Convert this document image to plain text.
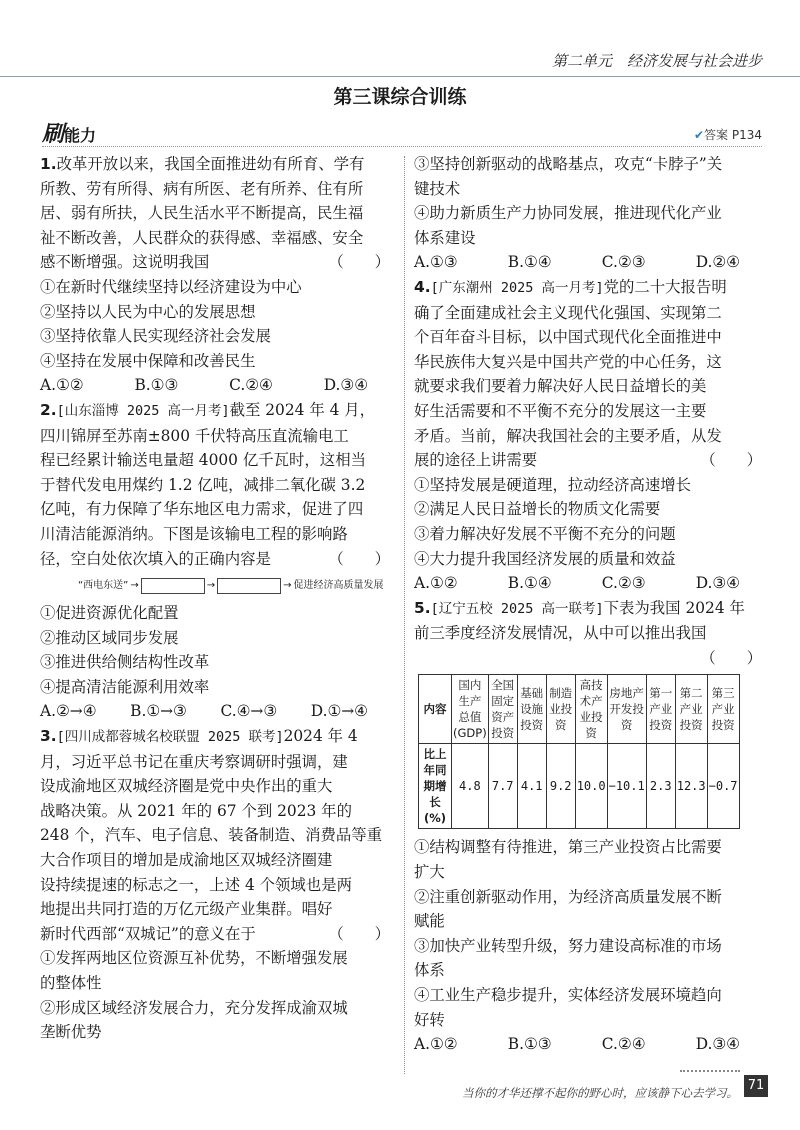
第二单元　经济发展与社会进步
第三课综合训练
刷能力	✔答案 P134

1.改革开放以来，我国全面推进幼有所育、学有

所教、劳有所得、病有所医、老有所养、住有所

居、弱有所扶，人民生活水平不断提高，民生福

祉不断改善，人民群众的获得感、幸福感、安全

感不断增强。这说明我国	（　　）

①在新时代继续坚持以经济建设为中心

②坚持以人民为中心的发展思想

③坚持依靠人民实现经济社会发展

④坚持在发展中保障和改善民生

A.①②	B.①③	C.②④	D.③④

2.[山东淄博 2025 高一月考]截至 2024 年 4 月，

四川锦屏至苏南±800 千伏特高压直流输电工

程已经累计输送电量超 4000 亿千瓦时，这相当

于替代发电用煤约 1.2 亿吨，减排二氧化碳 3.2

亿吨，有力保障了华东地区电力需求，促进了四

川清洁能源消纳。下图是该输电工程的影响路

径，空白处依次填入的正确内容是	（　　）

“西电东送” →	→	→ 促进经济高质量发展

①促进资源优化配置

②推动区域同步发展

③推进供给侧结构性改革

④提高清洁能源利用效率

A.②→④ B.①→③ C.④→③ D.①→④

3.[四川成都蓉城名校联盟 2025 联考]2024 年 4

月，习近平总书记在重庆考察调研时强调，建

设成渝地区双城经济圈是党中央作出的重大

战略决策。从 2021 年的 67 个到 2023 年的

248 个，汽车、电子信息、装备制造、消费品等重

大合作项目的增加是成渝地区双城经济圈建

设持续提速的标志之一，上述 4 个领域也是两

地提出共同打造的万亿元级产业集群。唱好

新时代西部“双城记”的意义在于	（　　）

①发挥两地区位资源互补优势，不断增强发展

的整体性

②形成区域经济发展合力，充分发挥成渝双城

垄断优势

③坚持创新驱动的战略基点，攻克“卡脖子”关

键技术

④助力新质生产力协同发展，推进现代化产业

体系建设

A.①③	B.①④	C.②③	D.②④

4.[广东潮州 2025 高一月考]党的二十大报告明

确了全面建成社会主义现代化强国、实现第二

个百年奋斗目标，以中国式现代化全面推进中

华民族伟大复兴是中国共产党的中心任务，这

就要求我们要着力解决好人民日益增长的美

好生活需要和不平衡不充分的发展这一主要

矛盾。当前，解决我国社会的主要矛盾，从发

展的途径上讲需要	（　　）

①坚持发展是硬道理，拉动经济高速增长

②满足人民日益增长的物质文化需要

③着力解决好发展不平衡不充分的问题

④大力提升我国经济发展的质量和效益

A.①②	B.①④	C.②③	D.③④

5.[辽宁五校 2025 高一联考]下表为我国 2024 年

前三季度经济发展情况，从中可以推出我国

（　　）

内容	国内生产总值(GDP)	全国固定资产投资	基础设施投资	制造业投资	高技术产业投资	房地产开发投资	第一产业投资	第二产业投资	第三产业投资
比上年同期增长(%)	4.8	7.7	4.1	9.2	10.0	−10.1	2.3	12.3	−0.7

①结构调整有待推进，第三产业投资占比需要

扩大

②注重创新驱动作用，为经济高质量发展不断

赋能

③加快产业转型升级，努力建设高标准的市场

体系

④工业生产稳步提升，实体经济发展环境趋向

好转

A.①②	B.①③	C.②④	D.③④

71
当你的才华还撑不起你的野心时，应该静下心去学习。
